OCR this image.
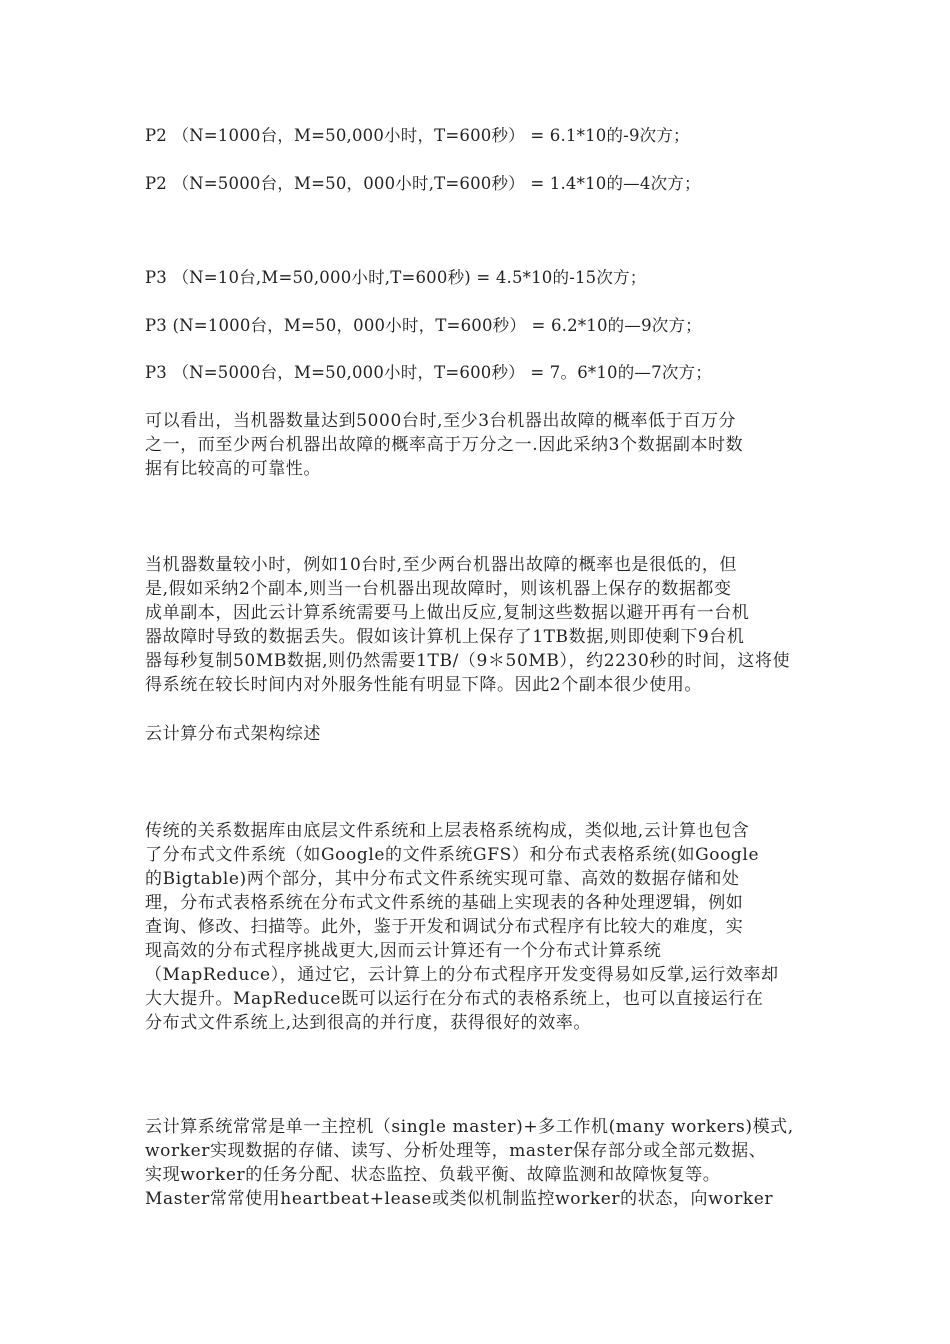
P2 （N=1000台，M=50,000小时，T=600秒） = 6.1*10的-9次方；
P2 （N=5000台，M=50，000小时,T=600秒） = 1.4*10的—4次方；
P3 （N=10台,M=50,000小时,T=600秒) = 4.5*10的-15次方；
P3 (N=1000台，M=50，000小时，T=600秒） = 6.2*10的—9次方；
P3 （N=5000台，M=50,000小时，T=600秒） = 7。6*10的—7次方；
可以看出，当机器数量达到5000台时,至少3台机器出故障的概率低于百万分
之一，而至少两台机器出故障的概率高于万分之一.因此采纳3个数据副本时数
据有比较高的可靠性。
当机器数量较小时，例如10台时,至少两台机器出故障的概率也是很低的，但
是,假如采纳2个副本,则当一台机器出现故障时，则该机器上保存的数据都变
成单副本，因此云计算系统需要马上做出反应,复制这些数据以避开再有一台机
器故障时导致的数据丢失。假如该计算机上保存了1TB数据,则即使剩下9台机
器每秒复制50MB数据,则仍然需要1TB/（9＊50MB），约2230秒的时间，这将使
得系统在较长时间内对外服务性能有明显下降。因此2个副本很少使用。
云计算分布式架构综述
传统的关系数据库由底层文件系统和上层表格系统构成，类似地,云计算也包含
了分布式文件系统（如Google的文件系统GFS）和分布式表格系统(如Google
的Bigtable)两个部分，其中分布式文件系统实现可靠、高效的数据存储和处
理，分布式表格系统在分布式文件系统的基础上实现表的各种处理逻辑，例如
查询、修改、扫描等。此外，鉴于开发和调试分布式程序有比较大的难度，实
现高效的分布式程序挑战更大,因而云计算还有一个分布式计算系统
（MapReduce），通过它，云计算上的分布式程序开发变得易如反掌,运行效率却
大大提升。MapReduce既可以运行在分布式的表格系统上，也可以直接运行在
分布式文件系统上,达到很高的并行度，获得很好的效率。
云计算系统常常是单一主控机（single master)+多工作机(many workers)模式,
worker实现数据的存储、读写、分析处理等，master保存部分或全部元数据、
实现worker的任务分配、状态监控、负载平衡、故障监测和故障恢复等。
Master常常使用heartbeat+lease或类似机制监控worker的状态，向worker
